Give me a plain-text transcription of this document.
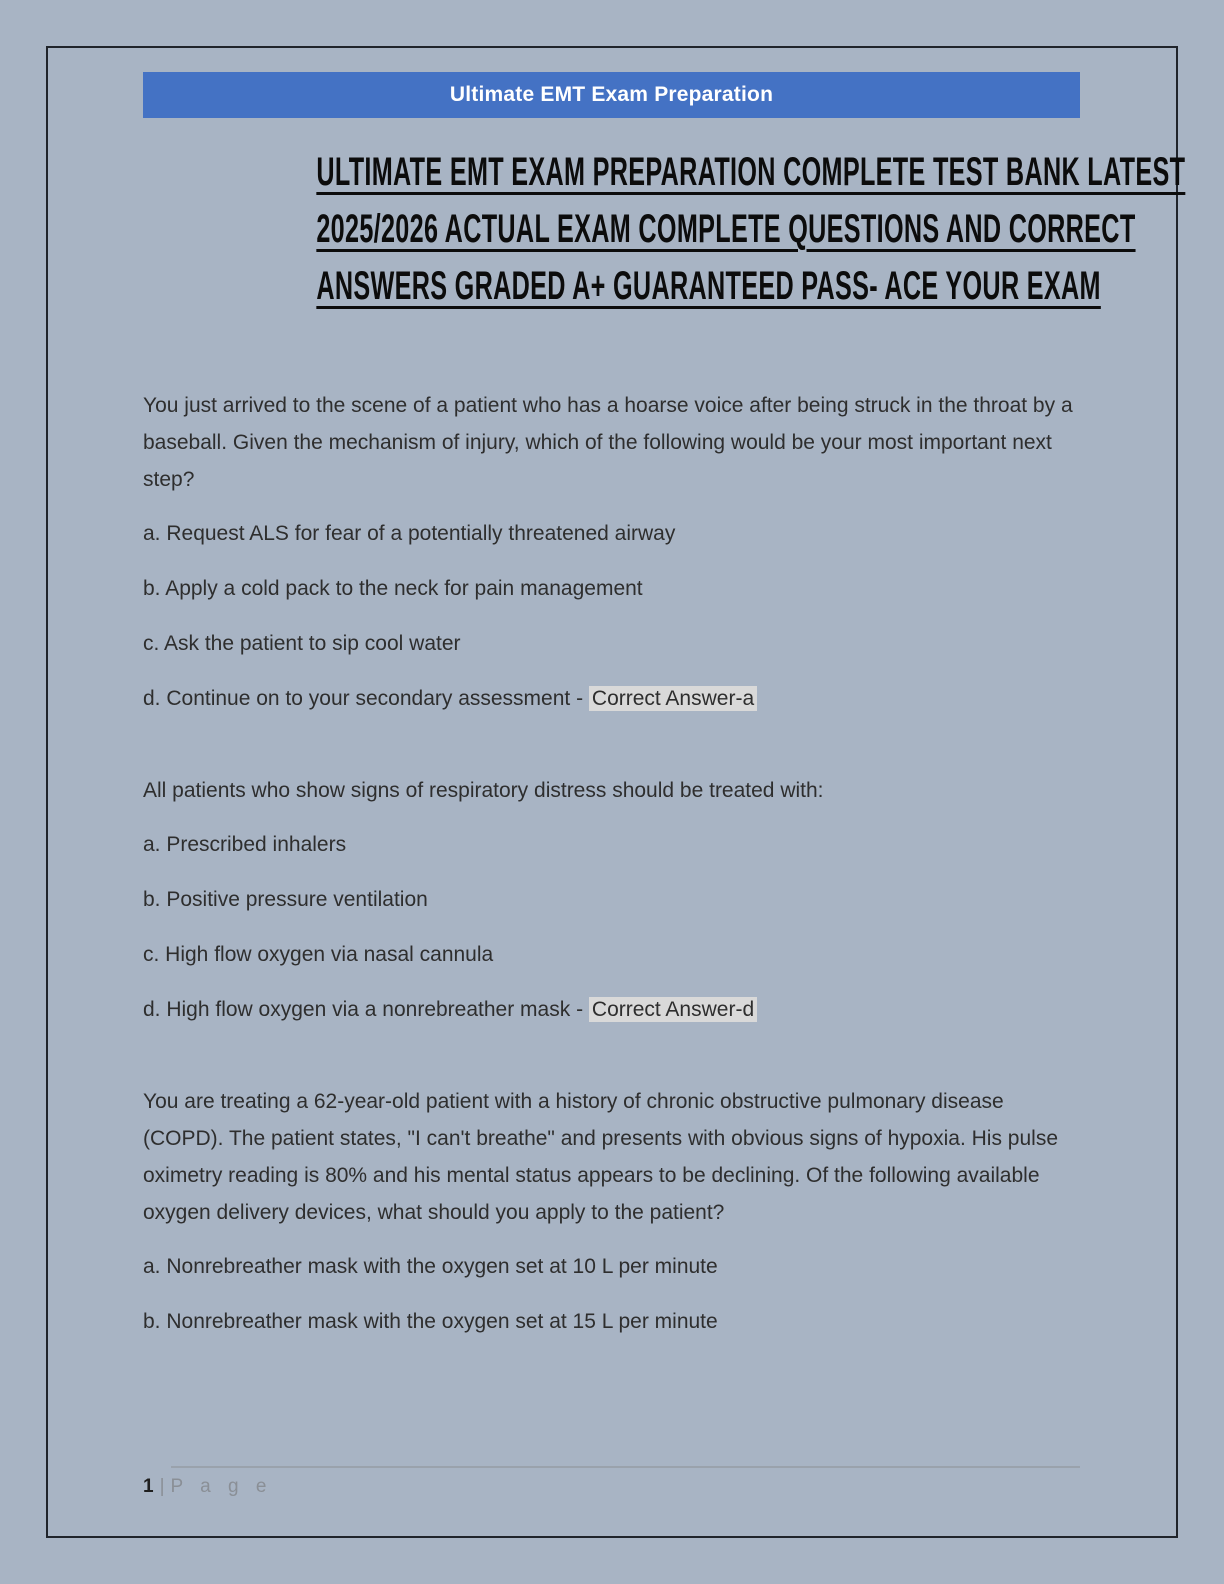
Ultimate EMT Exam Preparation
ULTIMATE EMT EXAM PREPARATION COMPLETE TEST BANK LATEST
2025/2026 ACTUAL EXAM COMPLETE QUESTIONS AND CORRECT
ANSWERS GRADED A+ GUARANTEED PASS- ACE YOUR EXAM

You just arrived to the scene of a patient who has a hoarse voice after being struck in the throat by a baseball. Given the mechanism of injury, which of the following would be your most important next step?

a. Request ALS for fear of a potentially threatened airway

b. Apply a cold pack to the neck for pain management

c. Ask the patient to sip cool water

d. Continue on to your secondary assessment - Correct Answer-a

All patients who show signs of respiratory distress should be treated with:

a. Prescribed inhalers

b. Positive pressure ventilation

c. High flow oxygen via nasal cannula

d. High flow oxygen via a nonrebreather mask - Correct Answer-d

You are treating a 62-year-old patient with a history of chronic obstructive pulmonary disease (COPD). The patient states, "I can't breathe" and presents with obvious signs of hypoxia. His pulse oximetry reading is 80% and his mental status appears to be declining. Of the following available oxygen delivery devices, what should you apply to the patient?

a. Nonrebreather mask with the oxygen set at 10 L per minute

b. Nonrebreather mask with the oxygen set at 15 L per minute

1 | P a g e
